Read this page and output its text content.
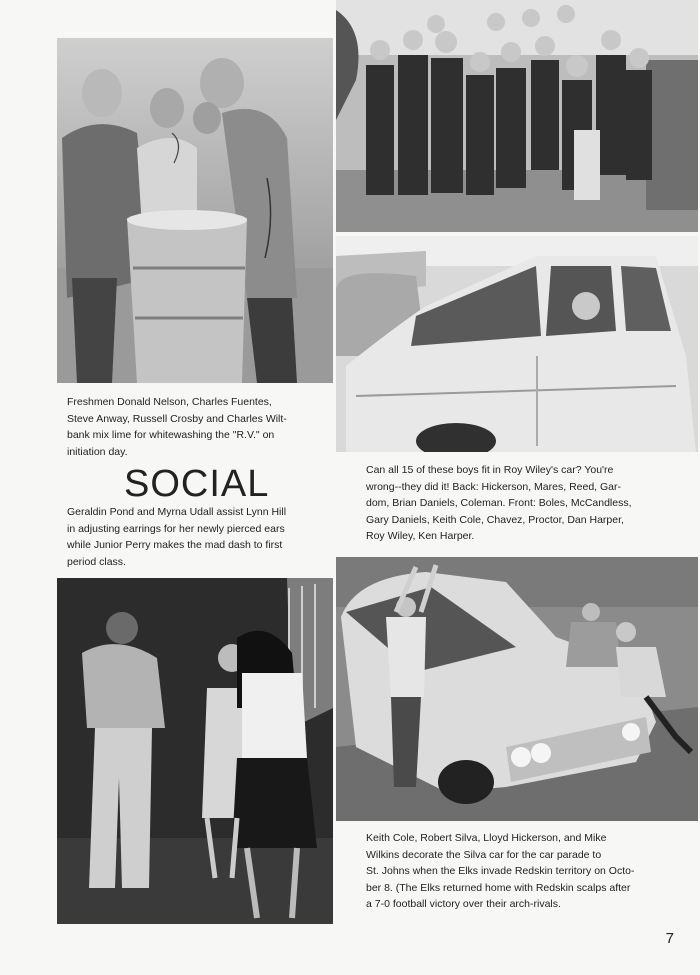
Freshmen Donald Nelson, Charles Fuentes,
Steve Anway, Russell Crosby and Charles Wilt-
bank mix lime for whitewashing the "R.V." on
initiation day.
SOCIAL
Geraldin Pond and Myrna Udall assist Lynn Hill
in adjusting earrings for her newly pierced ears
while Junior Perry makes the mad dash to first
period class.
Can all 15 of these boys fit in Roy Wiley's car? You're
wrong--they did it! Back: Hickerson, Mares, Reed, Gar-
dom, Brian Daniels, Coleman. Front: Boles, McCandless,
Gary Daniels, Keith Cole, Chavez, Proctor, Dan Harper,
Roy Wiley, Ken Harper.
Keith Cole, Robert Silva, Lloyd Hickerson, and Mike
Wilkins decorate the Silva car for the car parade to
St. Johns when the Elks invade Redskin territory on Octo-
ber 8. (The Elks returned home with Redskin scalps after
a 7-0 football victory over their arch-rivals.
7
